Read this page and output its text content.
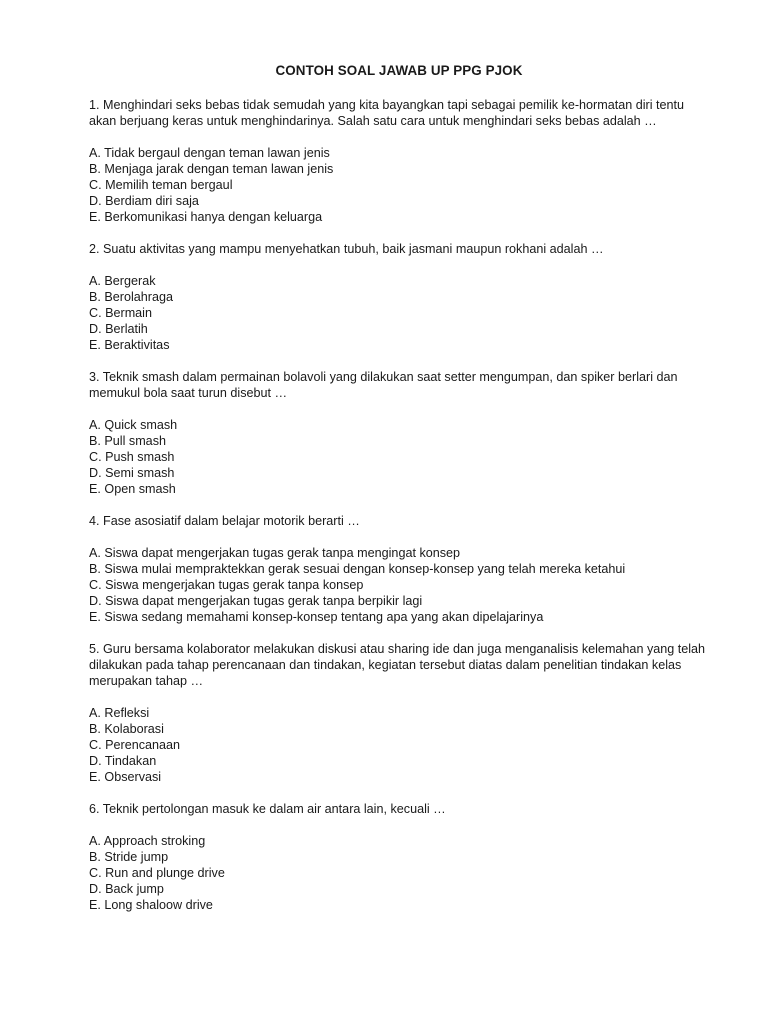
CONTOH SOAL JAWAB UP PPG PJOK
1. Menghindari seks bebas tidak semudah yang kita bayangkan tapi sebagai pemilik ke-hormatan diri tentu akan berjuang keras untuk menghindarinya. Salah satu cara untuk menghindari seks bebas adalah …
A. Tidak bergaul dengan teman lawan jenis
B. Menjaga jarak dengan teman lawan jenis
C. Memilih teman bergaul
D. Berdiam diri saja
E. Berkomunikasi hanya dengan keluarga
2. Suatu aktivitas yang mampu menyehatkan tubuh, baik jasmani maupun rokhani adalah …
A. Bergerak
B. Berolahraga
C. Bermain
D. Berlatih
E. Beraktivitas
3. Teknik smash dalam permainan bolavoli yang dilakukan saat setter mengumpan, dan spiker berlari dan memukul bola saat turun disebut …
A. Quick smash
B. Pull smash
C. Push smash
D. Semi smash
E. Open smash
4. Fase asosiatif dalam belajar motorik berarti …
A. Siswa dapat mengerjakan tugas gerak tanpa mengingat konsep
B. Siswa mulai mempraktekkan gerak sesuai dengan konsep-konsep yang telah mereka ketahui
C. Siswa mengerjakan tugas gerak tanpa konsep
D. Siswa dapat mengerjakan tugas gerak tanpa berpikir lagi
E. Siswa sedang memahami konsep-konsep tentang apa yang akan dipelajarinya
5. Guru bersama kolaborator melakukan diskusi atau sharing ide dan juga menganalisis kelemahan yang telah dilakukan pada tahap perencanaan dan tindakan, kegiatan tersebut diatas dalam penelitian tindakan kelas merupakan tahap …
A. Refleksi
B. Kolaborasi
C. Perencanaan
D. Tindakan
E. Observasi
6. Teknik pertolongan masuk ke dalam air antara lain, kecuali …
A. Approach stroking
B. Stride jump
C. Run and plunge drive
D. Back jump
E. Long shaloow drive
